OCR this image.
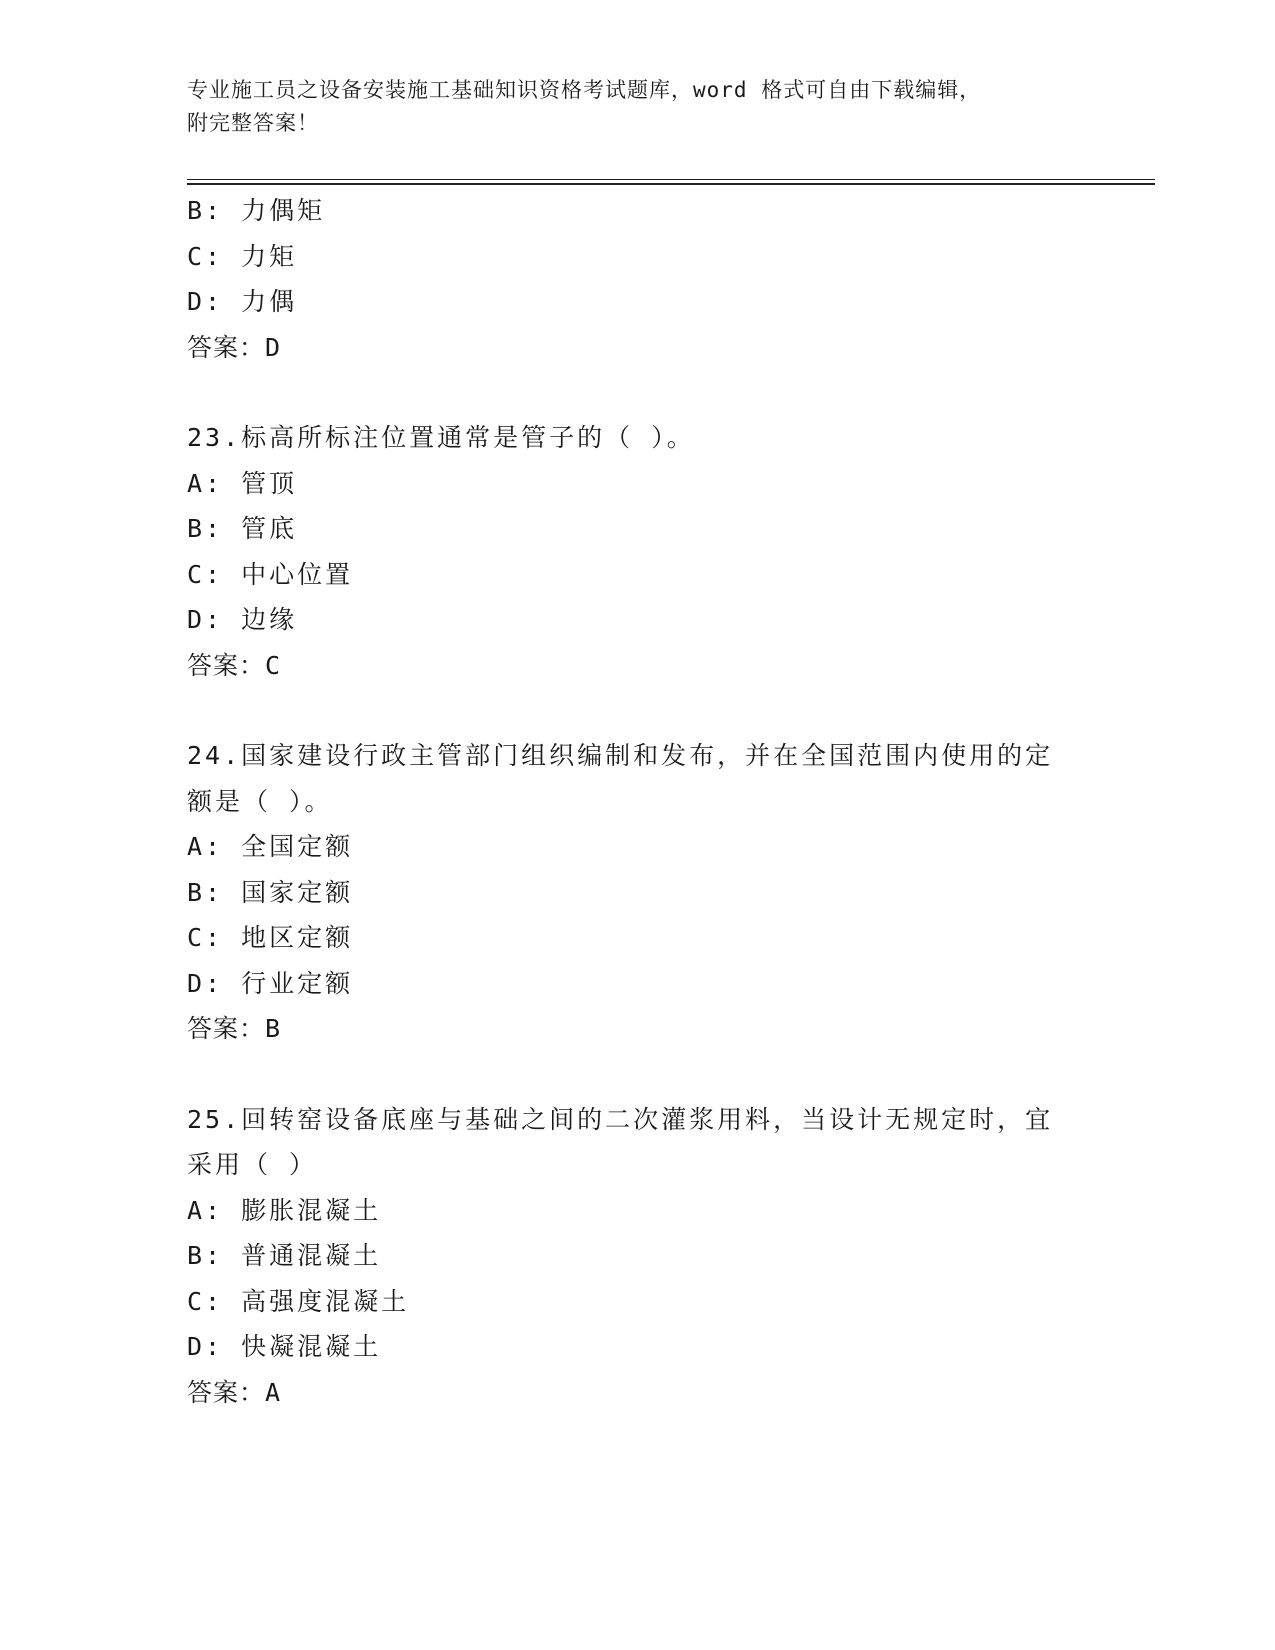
专业施工员之设备安装施工基础知识资格考试题库，word 格式可自由下载编辑，
附完整答案！
B: 力偶矩
C: 力矩
D: 力偶
答案：D
23.标高所标注位置通常是管子的（ ）。
A: 管顶
B: 管底
C: 中心位置
D: 边缘
答案：C
24.国家建设行政主管部门组织编制和发布，并在全国范围内使用的定
额是（ ）。
A: 全国定额
B: 国家定额
C: 地区定额
D: 行业定额
答案：B
25.回转窑设备底座与基础之间的二次灌浆用料，当设计无规定时，宜
采用（ ）
A: 膨胀混凝土
B: 普通混凝土
C: 高强度混凝土
D: 快凝混凝土
答案：A
